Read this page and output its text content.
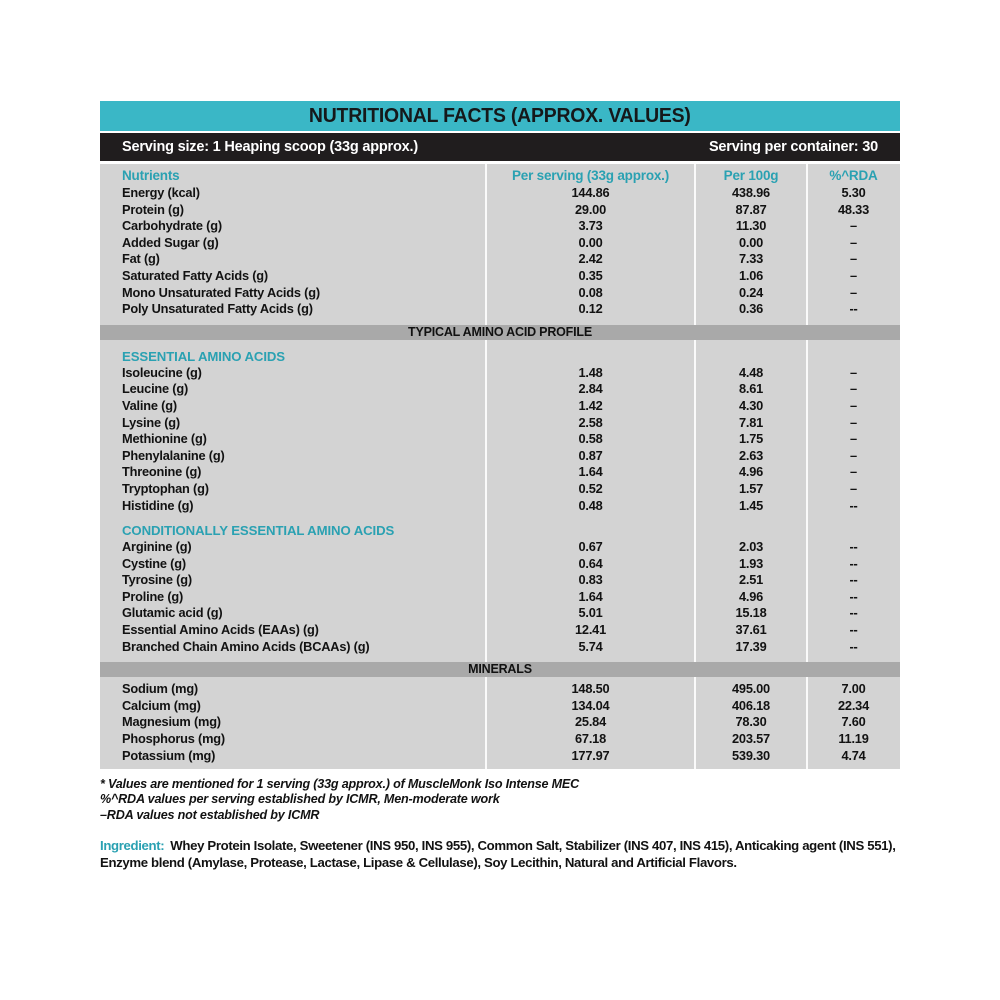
NUTRITIONAL FACTS (APPROX. VALUES)
Serving size: 1 Heaping scoop (33g approx.)	Serving per container: 30
Nutrients	Per serving (33g approx.)	Per 100g	%^RDA
Energy (kcal)	144.86	438.96	5.30
Protein (g)	29.00	87.87	48.33
Carbohydrate (g)	3.73	11.30	–
Added Sugar (g)	0.00	0.00	–
Fat (g)	2.42	7.33	–
Saturated Fatty Acids (g)	0.35	1.06	–
Mono Unsaturated Fatty Acids (g)	0.08	0.24	–
Poly Unsaturated Fatty Acids (g)	0.12	0.36	--
TYPICAL AMINO ACID PROFILE
ESSENTIAL AMINO ACIDS
Isoleucine (g)	1.48	4.48	–
Leucine (g)	2.84	8.61	–
Valine (g)	1.42	4.30	–
Lysine (g)	2.58	7.81	–
Methionine (g)	0.58	1.75	–
Phenylalanine (g)	0.87	2.63	–
Threonine (g)	1.64	4.96	–
Tryptophan (g)	0.52	1.57	–
Histidine (g)	0.48	1.45	--
CONDITIONALLY ESSENTIAL AMINO ACIDS
Arginine (g)	0.67	2.03	--
Cystine (g)	0.64	1.93	--
Tyrosine (g)	0.83	2.51	--
Proline (g)	1.64	4.96	--
Glutamic acid (g)	5.01	15.18	--
Essential Amino Acids (EAAs) (g)	12.41	37.61	--
Branched Chain Amino Acids (BCAAs) (g)	5.74	17.39	--
MINERALS
Sodium (mg)	148.50	495.00	7.00
Calcium (mg)	134.04	406.18	22.34
Magnesium (mg)	25.84	78.30	7.60
Phosphorus (mg)	67.18	203.57	11.19
Potassium (mg)	177.97	539.30	4.74
* Values are mentioned for 1 serving (33g approx.) of MuscleMonk Iso Intense MEC
%^RDA values per serving established by ICMR, Men-moderate work
–RDA values not established by ICMR
Ingredient: Whey Protein Isolate, Sweetener (INS 950, INS 955), Common Salt, Stabilizer (INS 407, INS 415), Anticaking agent (INS 551), Enzyme blend (Amylase, Protease, Lactase, Lipase & Cellulase), Soy Lecithin, Natural and Artificial Flavors.
